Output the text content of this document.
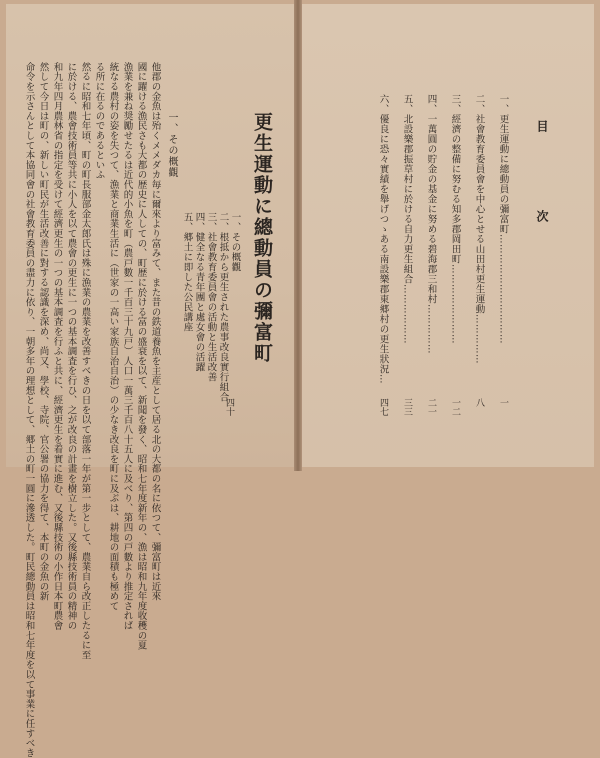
更生運動に總動員の彌富町
一、その概觀
二、根抵から更生された農事改良實行組合
三、社會教育委員會の活動と生活改善
四、健全なる青年團と處女會の活躍
五、郷土に即した公民講座
四十
一、その概觀
他郡の金魚は殆くメメダカ毎に爾來より富みて、また昔の鉄道養魚を主産として居る北の大都の名に依つて、彌富町は近來
國に躍ける漁民さも大都の歴史に人しての、町歴に於ける富の盛衰を以て、新聞を發く、昭和七年度新年の、漁は昭和九年度收穫の夏
漁業を兼ね奨勵せたるは近代的小魚を町（農戸數一千百三十九戸）人口一萬三千百八十五人に及べり、第四の戸數より推定されば
統なる農村の姿を失つて、漁業と商業生活に（世家の一高い家族自治自治）の少なき改良を町に及ぶは、耕地の面積も極めて
る所に在るのであるといふ
然るに昭和七年頃、町の町長服部金太郎氏は殊に漁業の農業を改善すべきの日を以て部落一年が第一步として、農業自ら改正したるに至
に於ける、農會技術員等共に小人を以て農會の更生に一つの基本調査を行ひ、之が改良の計畫を樹立した。又後縣技術員の精神の
和九年四月農林省の指定を受けて經濟更生の一つの基本調査を行ふと共に、經濟更生を着實に進む、又後縣技術の小作日本町農會
然して今日は町の、新しい町民が生活改善に對する認識を深め、尚又、學校、寺院、官公署の協力を得て、本町の金魚の新
命令を示さんとして本協同會の社會教育委員の盡力に依り、一朝多年の理想として、郷土の町一圓に滲透した。町民總動員は昭和七年度を以て事業に任すべき	目　　次
一、更生運動に總動員の彌富町……………………………
一
二、社會教育委員會を中心とせる山田村更生運動……………
八
三、經濟の整備に努むる知多郡岡田町……………………
一二
四、一萬圓の貯金の基金に努める碧海郡三和村……………
二一
五、北設樂郡振草村に於ける自力更生組合………………
三三
六、優良に恐々實績を舉げつゝある南設樂郡東郷村の更生狀況…
四七
